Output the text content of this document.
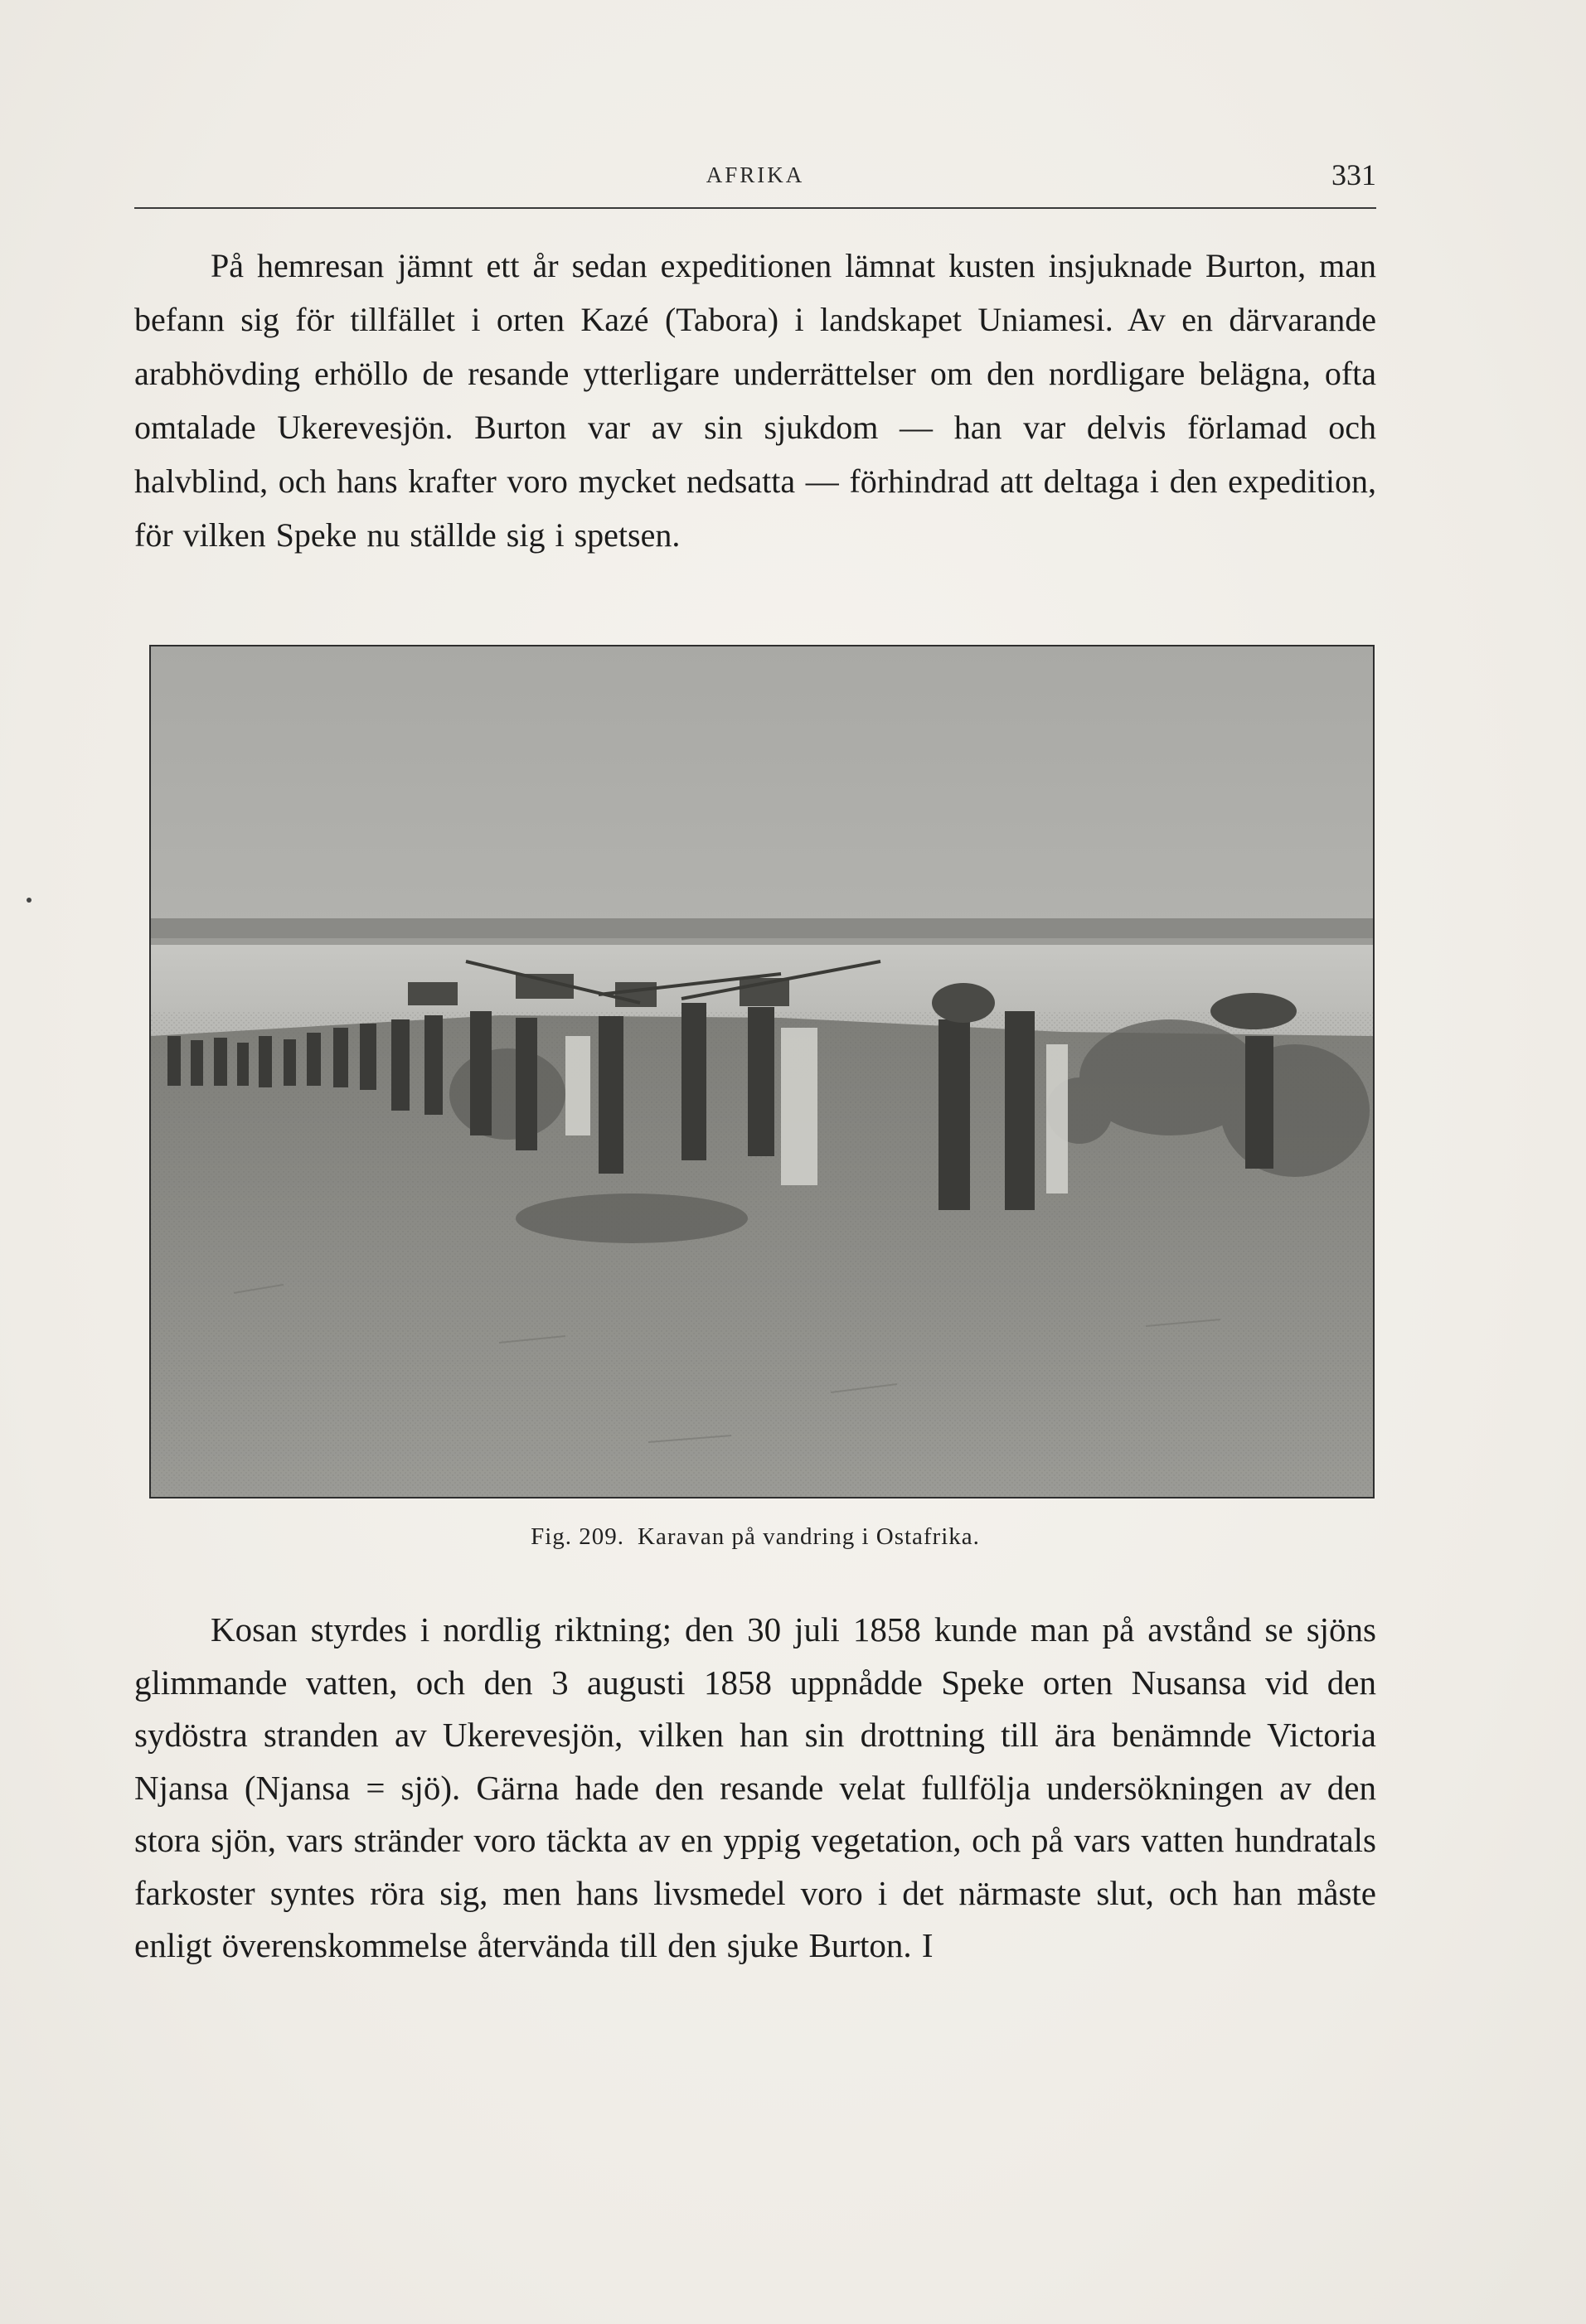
AFRIKA	331

På hemresan jämnt ett år sedan expeditionen lämnat kusten insjuknade Burton, man befann sig för tillfället i orten Kazé (Tabora) i landskapet Uniamesi. Av en därvarande arabhövding erhöllo de resande ytterligare underrättelser om den nordligare belägna, ofta omtalade Ukerevesjön. Burton var av sin sjukdom — han var delvis förlamad och halvblind, och hans krafter voro mycket nedsatta — förhindrad att deltaga i den expedition, för vilken Speke nu ställde sig i spetsen.

Fig. 209. Karavan på vandring i Ostafrika.

Kosan styrdes i nordlig riktning; den 30 juli 1858 kunde man på avstånd se sjöns glimmande vatten, och den 3 augusti 1858 uppnådde Speke orten Nusansa vid den sydöstra stranden av Ukerevesjön, vilken han sin drottning till ära benämnde Victoria Njansa (Njansa = sjö). Gärna hade den resande velat fullfölja undersökningen av den stora sjön, vars stränder voro täckta av en yppig vegetation, och på vars vatten hundratals farkoster syntes röra sig, men hans livsmedel voro i det närmaste slut, och han måste enligt överenskommelse återvända till den sjuke Burton. I
